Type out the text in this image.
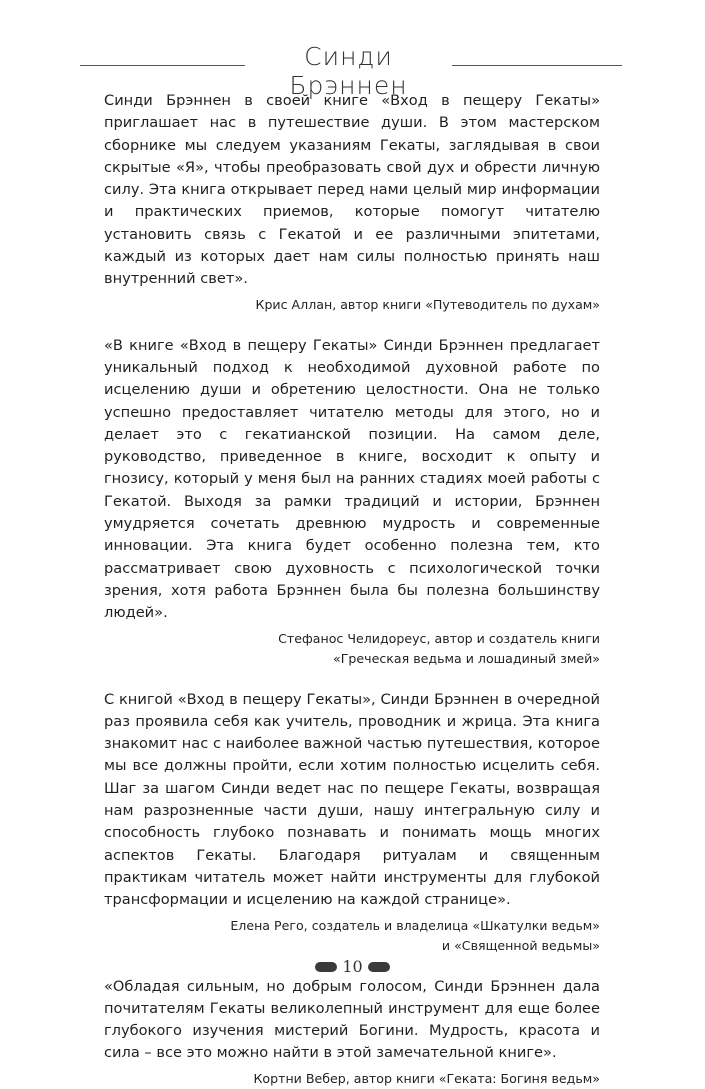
Синди Брэннен

Синди Брэннен в своей книге «Вход в пещеру Гекаты» приглашает нас в путешествие души. В этом мастерском сборнике мы следуем указаниям Гекаты, заглядывая в свои скрытые «Я», чтобы преобразовать свой дух и обрести личную силу. Эта книга открывает перед нами целый мир информации и практических приемов, которые помогут читателю установить связь с Гекатой и ее различными эпитетами, каждый из которых дает нам силы полностью принять наш внутренний свет».

Крис Аллан, автор книги «Путеводитель по духам»

«В книге «Вход в пещеру Гекаты» Синди Брэннен предлагает уникальный подход к необходимой духовной работе по исцелению души и обретению целостности. Она не только успешно предоставляет читателю методы для этого, но и делает это с гекатианской позиции. На самом деле, руководство, приведенное в книге, восходит к опыту и гнозису, который у меня был на ранних стадиях моей работы с Гекатой. Выходя за рамки традиций и истории, Брэннен умудряется сочетать древнюю мудрость и современные инновации. Эта книга будет особенно полезна тем, кто рассматривает свою духовность с психологической точки зрения, хотя работа Брэннен была бы полезна большинству людей».

Стефанос Челидореус, автор и создатель книги
«Греческая ведьма и лошадиный змей»

С книгой «Вход в пещеру Гекаты», Синди Брэннен в очередной раз проявила себя как учитель, проводник и жрица. Эта книга знакомит нас с наиболее важной частью путешествия, которое мы все должны пройти, если хотим полностью исцелить себя. Шаг за шагом Синди ведет нас по пещере Гекаты, возвращая нам разрозненные части души, нашу интегральную силу и способность глубоко познавать и понимать мощь многих аспектов Гекаты. Благодаря ритуалам и священным практикам читатель может найти инструменты для глубокой трансформации и исцелению на каждой странице».

Елена Рего, создатель и владелица «Шкатулки ведьм»
и «Священной ведьмы»

«Обладая сильным, но добрым голосом, Синди Брэннен дала почитателям Гекаты великолепный инструмент для еще более глубокого изучения мистерий Богини. Мудрость, красота и сила – все это можно найти в этой замечательной книге».

Кортни Вебер, автор книги «Геката: Богиня ведьм»

10
